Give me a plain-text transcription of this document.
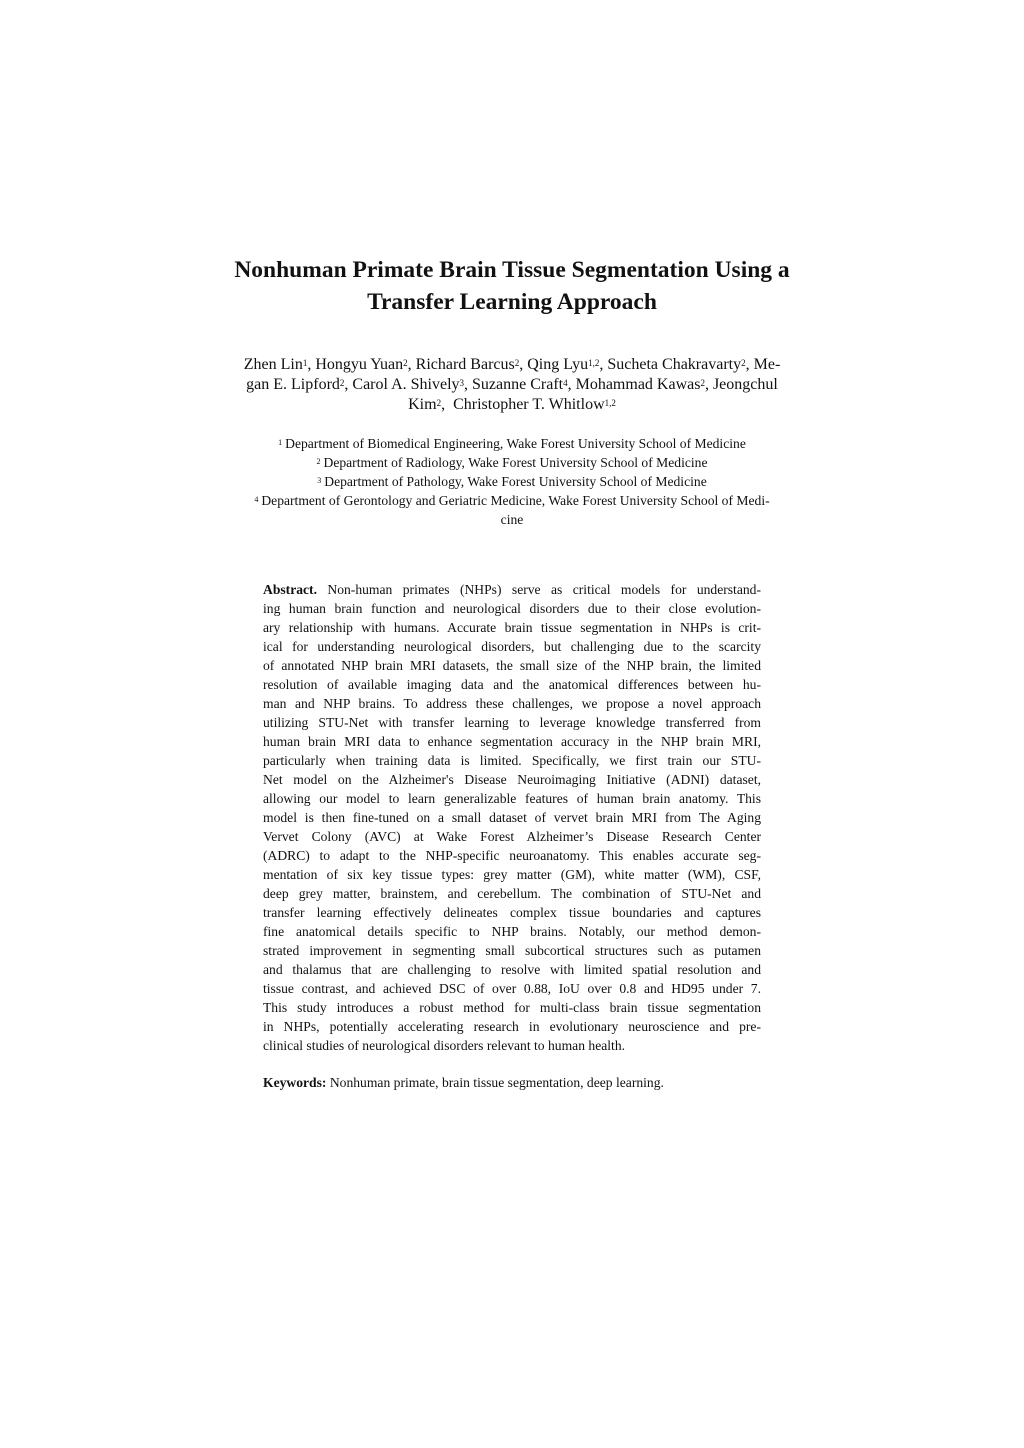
Nonhuman Primate Brain Tissue Segmentation Using a
Transfer Learning Approach
Zhen Lin$^1$, Hongyu Yuan$^2$, Richard Barcus$^2$, Qing Lyu$^{1,2}$, Sucheta Chakravarty$^2$, Me-
gan E. Lipford$^2$, Carol A. Shively$^3$, Suzanne Craft$^4$, Mohammad Kawas$^2$, Jeongchul
Kim$^2$,  Christopher T. Whitlow$^{1,2}$
$^1$ Department of Biomedical Engineering, Wake Forest University School of Medicine
$^2$ Department of Radiology, Wake Forest University School of Medicine
$^3$ Department of Pathology, Wake Forest University School of Medicine
$^4$ Department of Gerontology and Geriatric Medicine, Wake Forest University School of Medi-
cine
Abstract. Non-human primates (NHPs) serve as critical models for understand-
ing human brain function and neurological disorders due to their close evolution-
ary relationship with humans. Accurate brain tissue segmentation in NHPs is crit-
ical for understanding neurological disorders, but challenging due to the scarcity
of annotated NHP brain MRI datasets, the small size of the NHP brain, the limited
resolution of available imaging data and the anatomical differences between hu-
man and NHP brains. To address these challenges, we propose a novel approach
utilizing STU-Net with transfer learning to leverage knowledge transferred from
human brain MRI data to enhance segmentation accuracy in the NHP brain MRI,
particularly when training data is limited. Specifically, we first train our STU-
Net model on the Alzheimer's Disease Neuroimaging Initiative (ADNI) dataset,
allowing our model to learn generalizable features of human brain anatomy. This
model is then fine-tuned on a small dataset of vervet brain MRI from The Aging
Vervet Colony (AVC) at Wake Forest Alzheimer’s Disease Research Center
(ADRC) to adapt to the NHP-specific neuroanatomy. This enables accurate seg-
mentation of six key tissue types: grey matter (GM), white matter (WM), CSF,
deep grey matter, brainstem, and cerebellum. The combination of STU-Net and
transfer learning effectively delineates complex tissue boundaries and captures
fine anatomical details specific to NHP brains. Notably, our method demon-
strated improvement in segmenting small subcortical structures such as putamen
and thalamus that are challenging to resolve with limited spatial resolution and
tissue contrast, and achieved DSC of over 0.88, IoU over 0.8 and HD95 under 7.
This study introduces a robust method for multi-class brain tissue segmentation
in NHPs, potentially accelerating research in evolutionary neuroscience and pre-
clinical studies of neurological disorders relevant to human health.
Keywords: Nonhuman primate, brain tissue segmentation, deep learning.
